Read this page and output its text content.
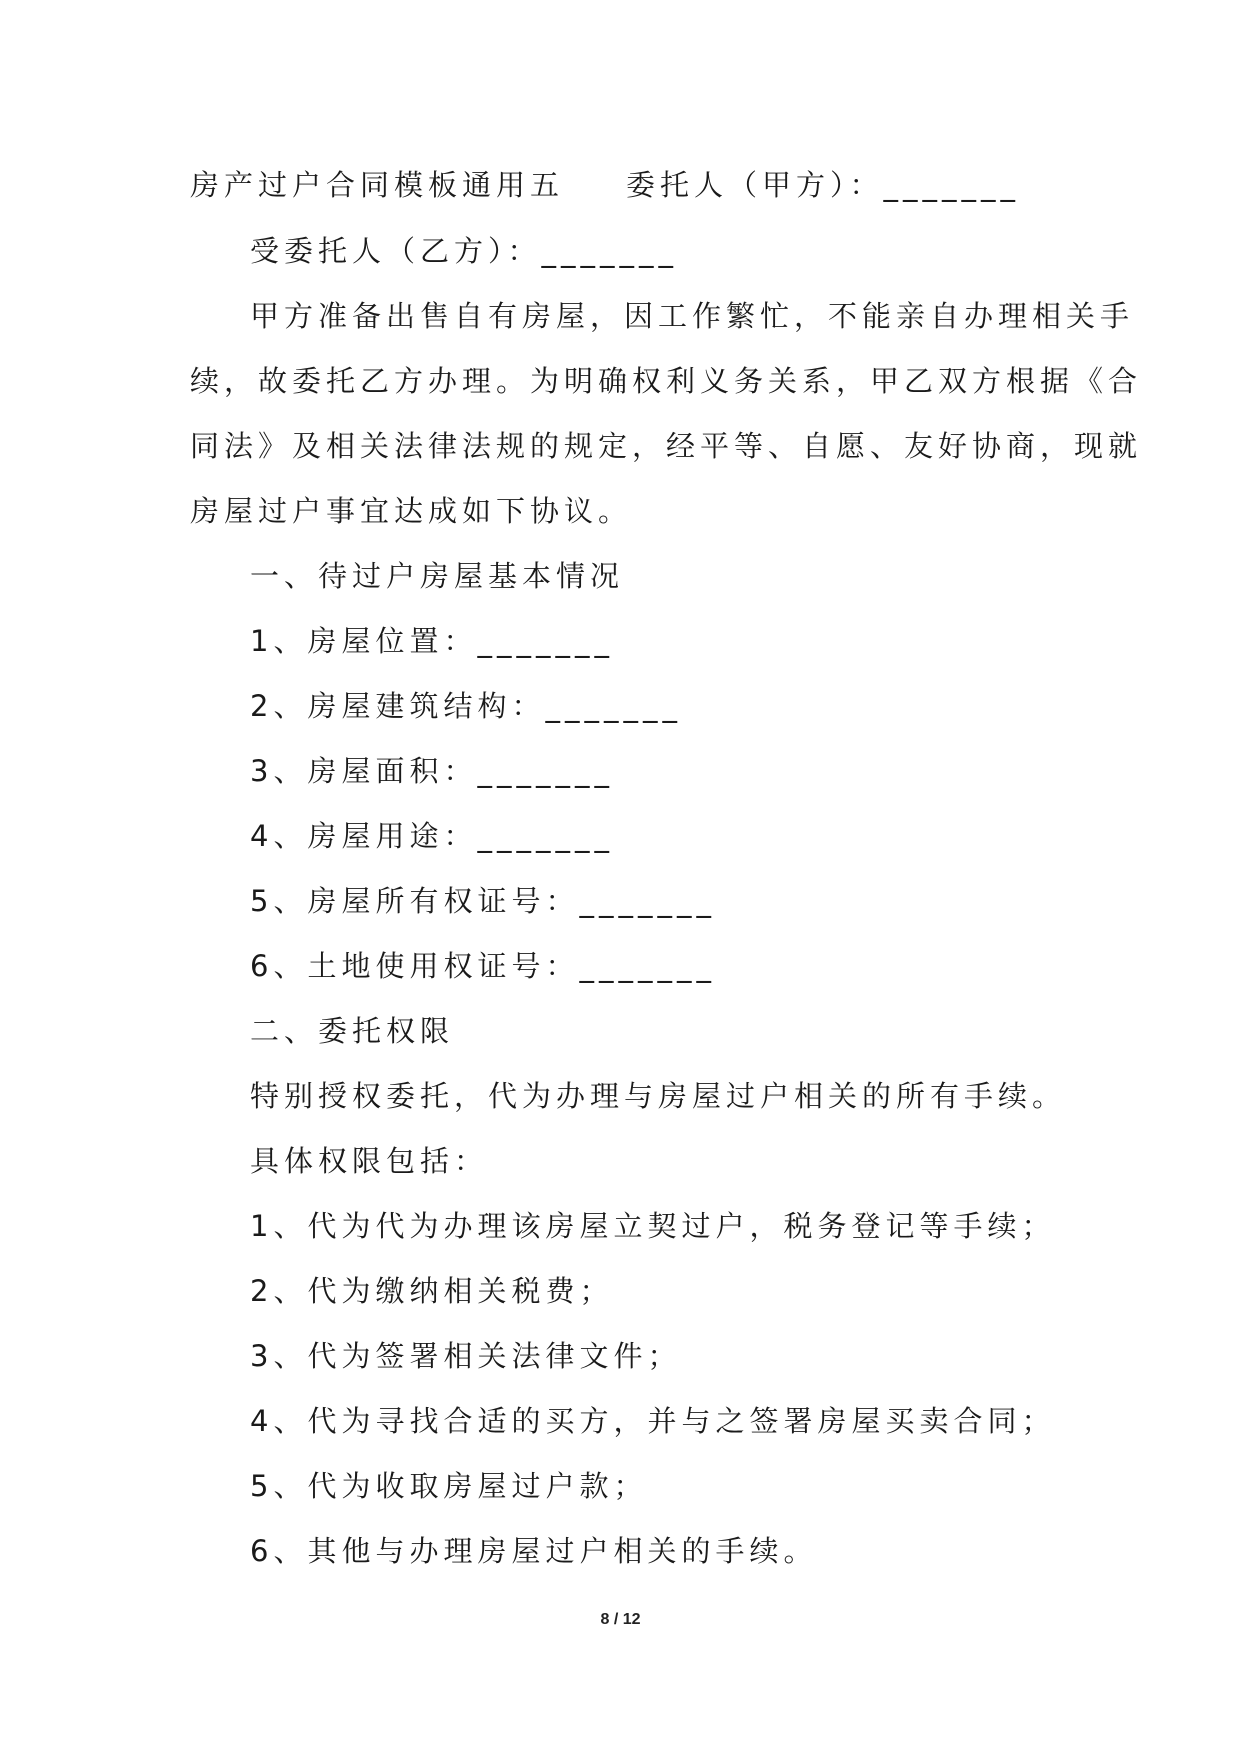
房产过户合同模板通用五 委托人（甲方）：_______
受委托人（乙方）：_______
甲方准备出售自有房屋，因工作繁忙，不能亲自办理相关手
续，故委托乙方办理。为明确权利义务关系，甲乙双方根据《合
同法》及相关法律法规的规定，经平等、自愿、友好协商，现就
房屋过户事宜达成如下协议。
一、待过户房屋基本情况
1、房屋位置：_______
2、房屋建筑结构：_______
3、房屋面积：_______
4、房屋用途：_______
5、房屋所有权证号：_______
6、土地使用权证号：_______
二、委托权限
特别授权委托，代为办理与房屋过户相关的所有手续。
具体权限包括：
1、代为代为办理该房屋立契过户，税务登记等手续；
2、代为缴纳相关税费；
3、代为签署相关法律文件；
4、代为寻找合适的买方，并与之签署房屋买卖合同；
5、代为收取房屋过户款；
6、其他与办理房屋过户相关的手续。
8 / 12
